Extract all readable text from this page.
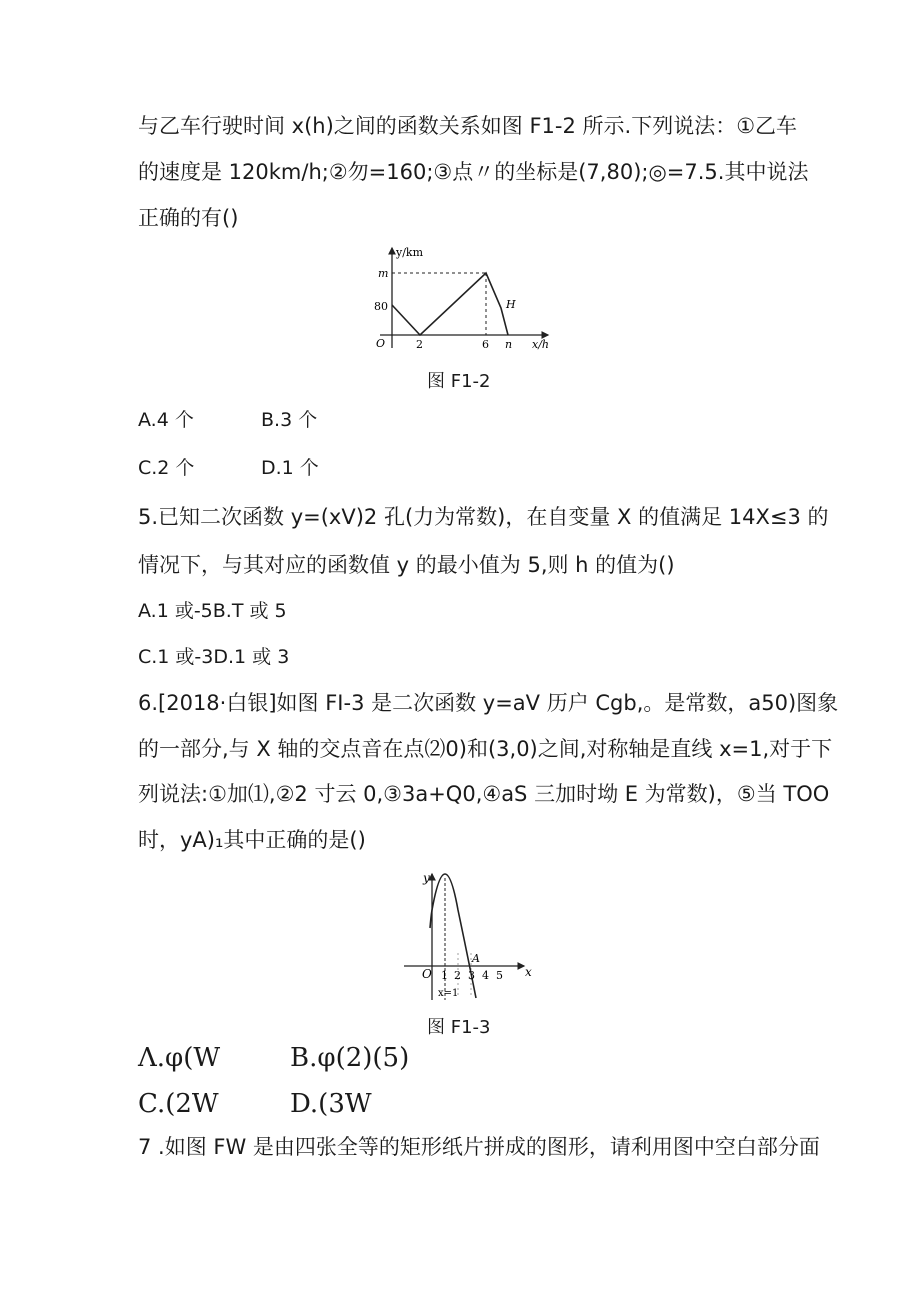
与乙车行驶时间 x(h)之间的函数关系如图 F1-2 所示.下列说法：①乙车
的速度是 120km/h;②勿=160;③点〃的坐标是(7,80);◎=7.5.其中说法
正确的有()
y/km
x/h
O
m
80
2	6 n
H
图 F1-2
A.4 个	B.3 个
C.2 个	D.1 个
5.已知二次函数 y=(xV)2 孔(力为常数)，在自变量 X 的值满足 14X≤3 的
情况下，与其对应的函数值 y 的最小值为 5,则 h 的值为()
A.1 或-5B.T 或 5
C.1 或-3D.1 或 3
6.[2018·白银]如图 FI-3 是二次函数 y=aV 历户 Cgb,。是常数，a50)图象
的一部分,与 X 轴的交点音在点⑵0)和(3,0)之间,对称轴是直线 x=1,对于下
列说法:①加⑴,②2 寸云 0,③3a+Q0,④aS 三加时坳 E 为常数)，⑤当 TOO
时，yA)₁其中正确的是()
O
y
x
1 2 3 4 5
A
x=1
图 F1-3
Λ.φ(W	B.φ(2)(5)
C.(2W	D.(3W
7 .如图 FW 是由四张全等的矩形纸片拼成的图形，请利用图中空白部分面
